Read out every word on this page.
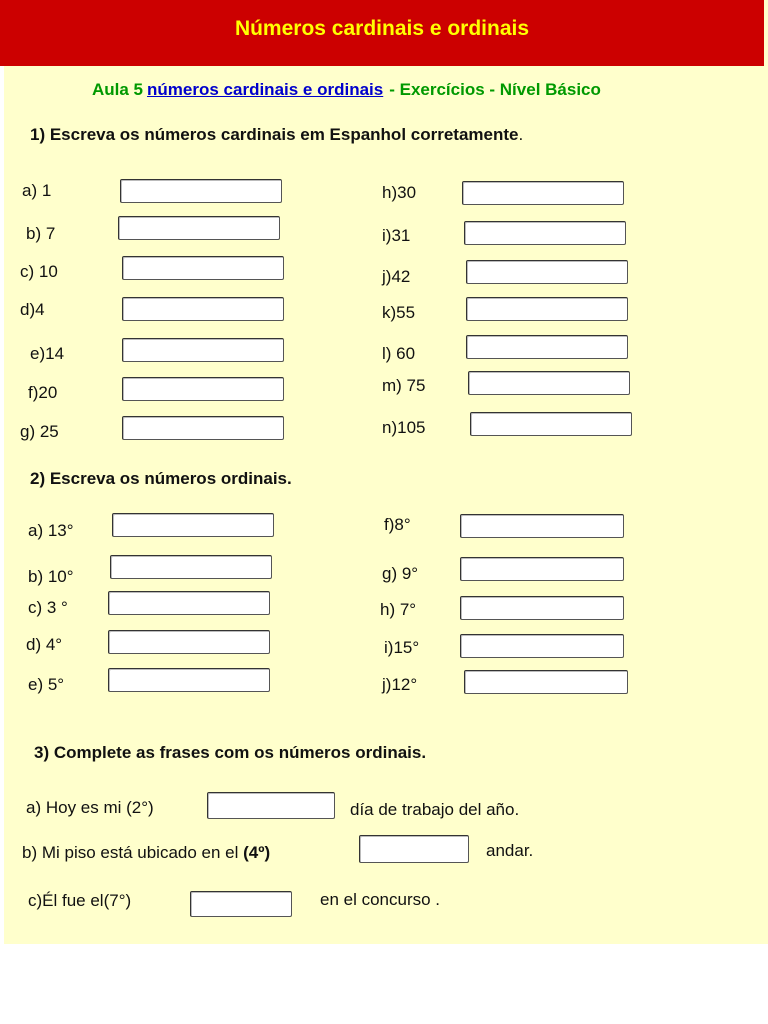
Números cardinais e ordinais
Aula 5 números cardinais e ordinais - Exercícios - Nível Básico
1) Escreva os números cardinais em Espanhol corretamente.
a) 1
b) 7
c) 10
d)4
e)14
f)20
g) 25
h)30
i)31
j)42
k)55
l) 60
m) 75
n)105
2) Escreva os números ordinais.
a) 13°
b) 10°
c) 3 °
d) 4°
e) 5°
f)8°
g) 9°
h) 7°
i)15°
j)12°
3) Complete as frases com os números ordinais.
a) Hoy es mi (2°)	día de trabajo del año.
b) Mi piso está ubicado en el (4º)	andar.
c)Él fue el(7°)	en el concurso .
